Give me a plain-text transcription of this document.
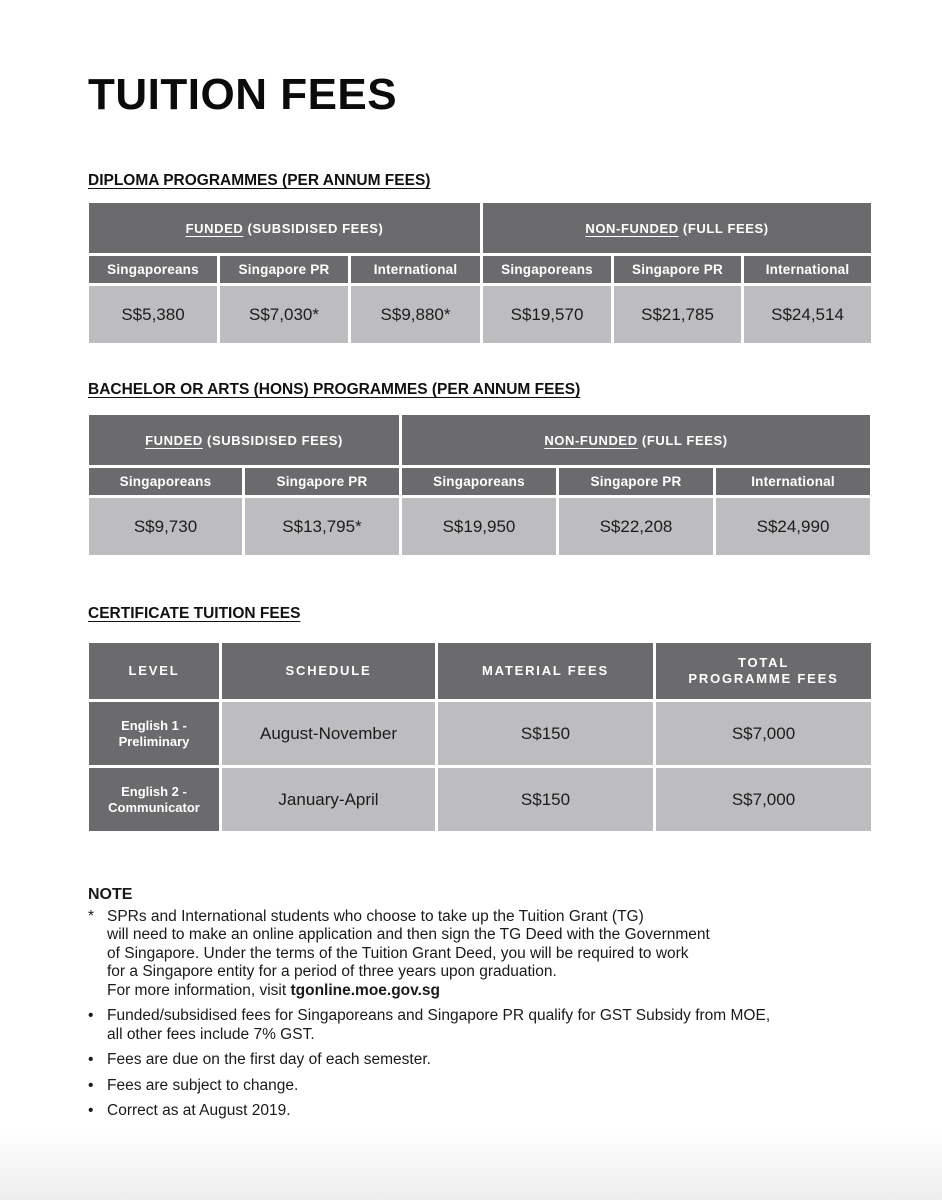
TUITION FEES
DIPLOMA PROGRAMMES (PER ANNUM FEES)
FUNDED (SUBSIDISED FEES)			NON-FUNDED (FULL FEES)		
Singaporeans	Singapore PR	International	Singaporeans	Singapore PR	International
S$5,380	S$7,030*	S$9,880*	S$19,570	S$21,785	S$24,514
BACHELOR OR ARTS (HONS) PROGRAMMES (PER ANNUM FEES)
FUNDED (SUBSIDISED FEES)		NON-FUNDED (FULL FEES)		
Singaporeans	Singapore PR	Singaporeans	Singapore PR	International
S$9,730	S$13,795*	S$19,950	S$22,208	S$24,990
CERTIFICATE TUITION FEES
LEVEL	SCHEDULE	MATERIAL FEES	TOTAL
PROGRAMME FEES

English 1 -
Preliminary	August-November	S$150	S$7,000

English 2 -
Communicator	January-April	S$150	S$7,000

NOTE

* SPRs and International students who choose to take up the Tuition Grant (TG)
will need to make an online application and then sign the TG Deed with the Government
of Singapore. Under the terms of the Tuition Grant Deed, you will be required to work
for a Singapore entity for a period of three years upon graduation.
For more information, visit tgonline.moe.gov.sg
• Funded/subsidised fees for Singaporeans and Singapore PR qualify for GST Subsidy from MOE,
all other fees include 7% GST.
• Fees are due on the first day of each semester.
• Fees are subject to change.
• Correct as at August 2019.
